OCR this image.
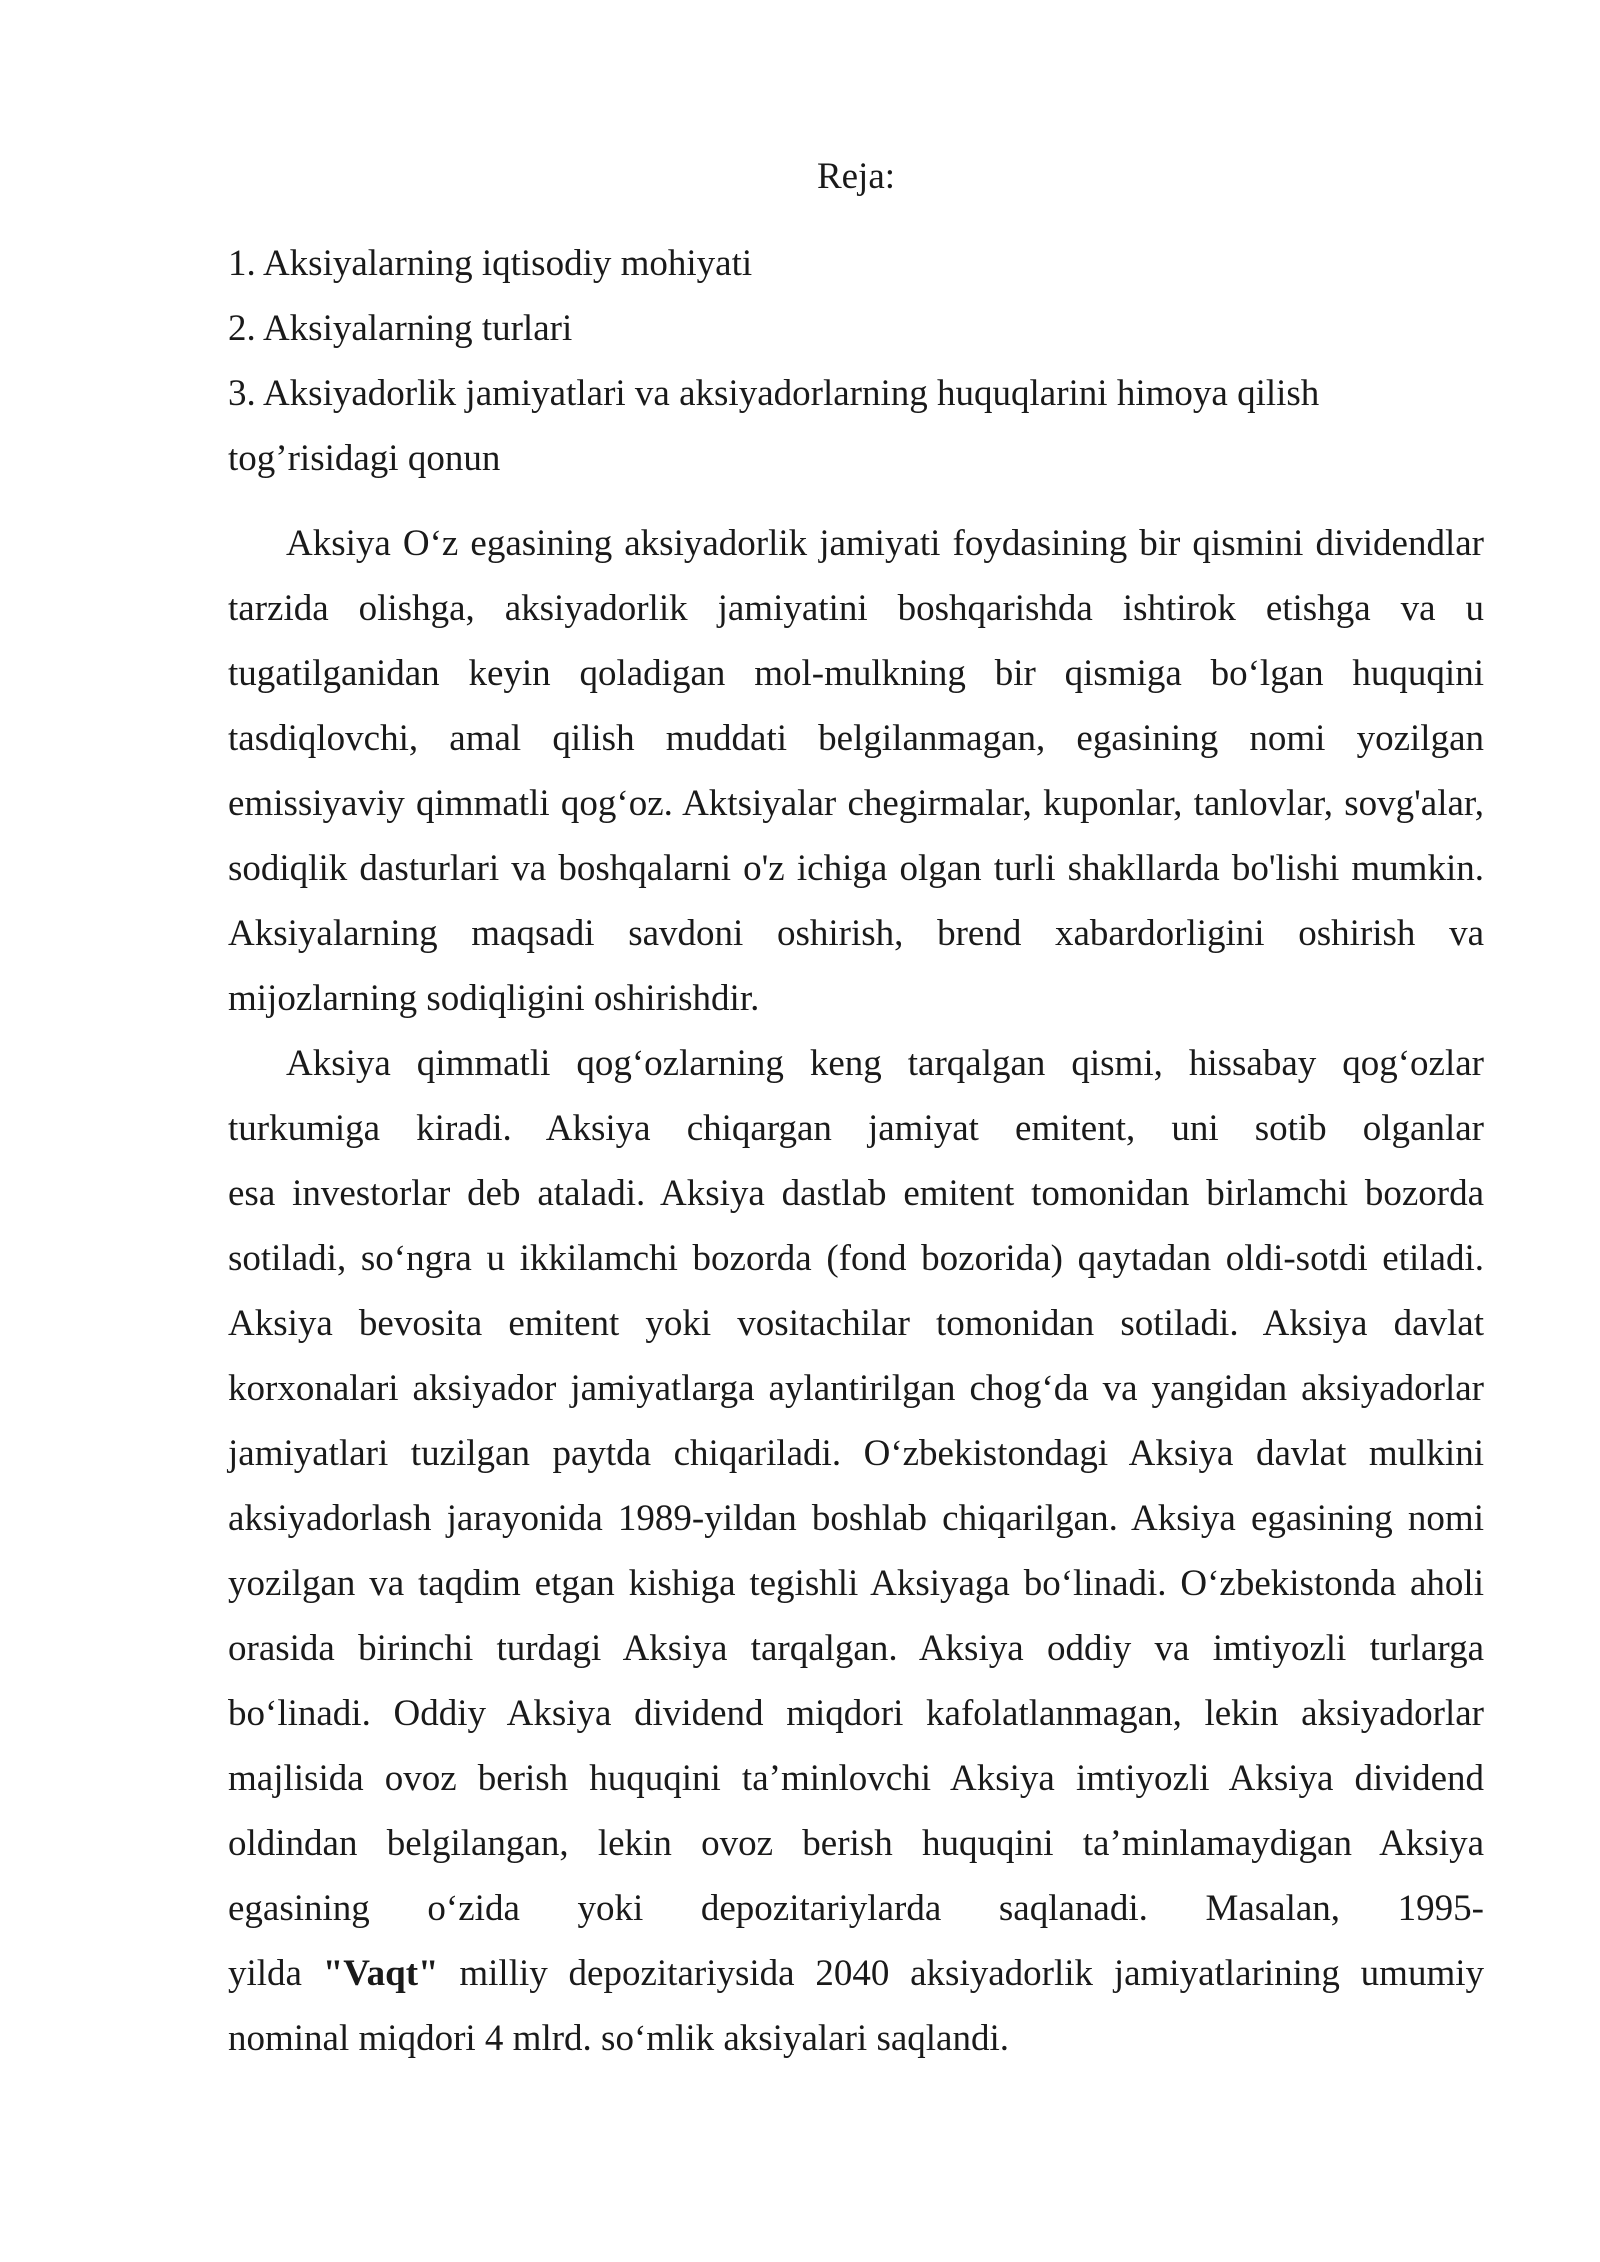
Reja:
1. Aksiyalarning iqtisodiy mohiyati
2. Aksiyalarning turlari
3. Aksiyadorlik jamiyatlari va aksiyadorlarning huquqlarini himoya qilish
tog’risidagi qonun
Aksiya O‘z egasining aksiyadorlik jamiyati foydasining bir qismini dividendlar
tarzida olishga, aksiyadorlik jamiyatini boshqarishda ishtirok etishga va u
tugatilganidan keyin qoladigan mol-mulkning bir qismiga bo‘lgan huquqini
tasdiqlovchi, amal qilish muddati belgilanmagan, egasining nomi yozilgan
emissiyaviy qimmatli qog‘oz. Aktsiyalar chegirmalar, kuponlar, tanlovlar, sovg'alar,
sodiqlik dasturlari va boshqalarni o'z ichiga olgan turli shakllarda bo'lishi mumkin.
Aksiyalarning maqsadi savdoni oshirish, brend xabardorligini oshirish va
mijozlarning sodiqligini oshirishdir.
Aksiya qimmatli qog‘ozlarning keng tarqalgan qismi, hissabay qog‘ozlar
turkumiga kiradi. Aksiya chiqargan jamiyat emitent, uni sotib olganlar
esa investorlar deb ataladi. Aksiya dastlab emitent tomonidan birlamchi bozorda
sotiladi, so‘ngra u ikkilamchi bozorda (fond bozorida) qaytadan oldi-sotdi etiladi.
Aksiya bevosita emitent yoki vositachilar tomonidan sotiladi. Aksiya davlat
korxonalari aksiyador jamiyatlarga aylantirilgan chog‘da va yangidan aksiyadorlar
jamiyatlari tuzilgan paytda chiqariladi. O‘zbekistondagi Aksiya davlat mulkini
aksiyadorlash jarayonida 1989-yildan boshlab chiqarilgan. Aksiya egasining nomi
yozilgan va taqdim etgan kishiga tegishli Aksiyaga bo‘linadi. O‘zbekistonda aholi
orasida birinchi turdagi Aksiya tarqalgan. Aksiya oddiy va imtiyozli turlarga
bo‘linadi. Oddiy Aksiya dividend miqdori kafolatlanmagan, lekin aksiyadorlar
majlisida ovoz berish huquqini ta’minlovchi Aksiya imtiyozli Aksiya dividend
oldindan belgilangan, lekin ovoz berish huquqini ta’minlamaydigan Aksiya
egasining o‘zida yoki depozitariylarda saqlanadi. Masalan, 1995-
yilda "Vaqt" milliy depozitariysida 2040 aksiyadorlik jamiyatlarining umumiy
nominal miqdori 4 mlrd. so‘mlik aksiyalari saqlandi.
